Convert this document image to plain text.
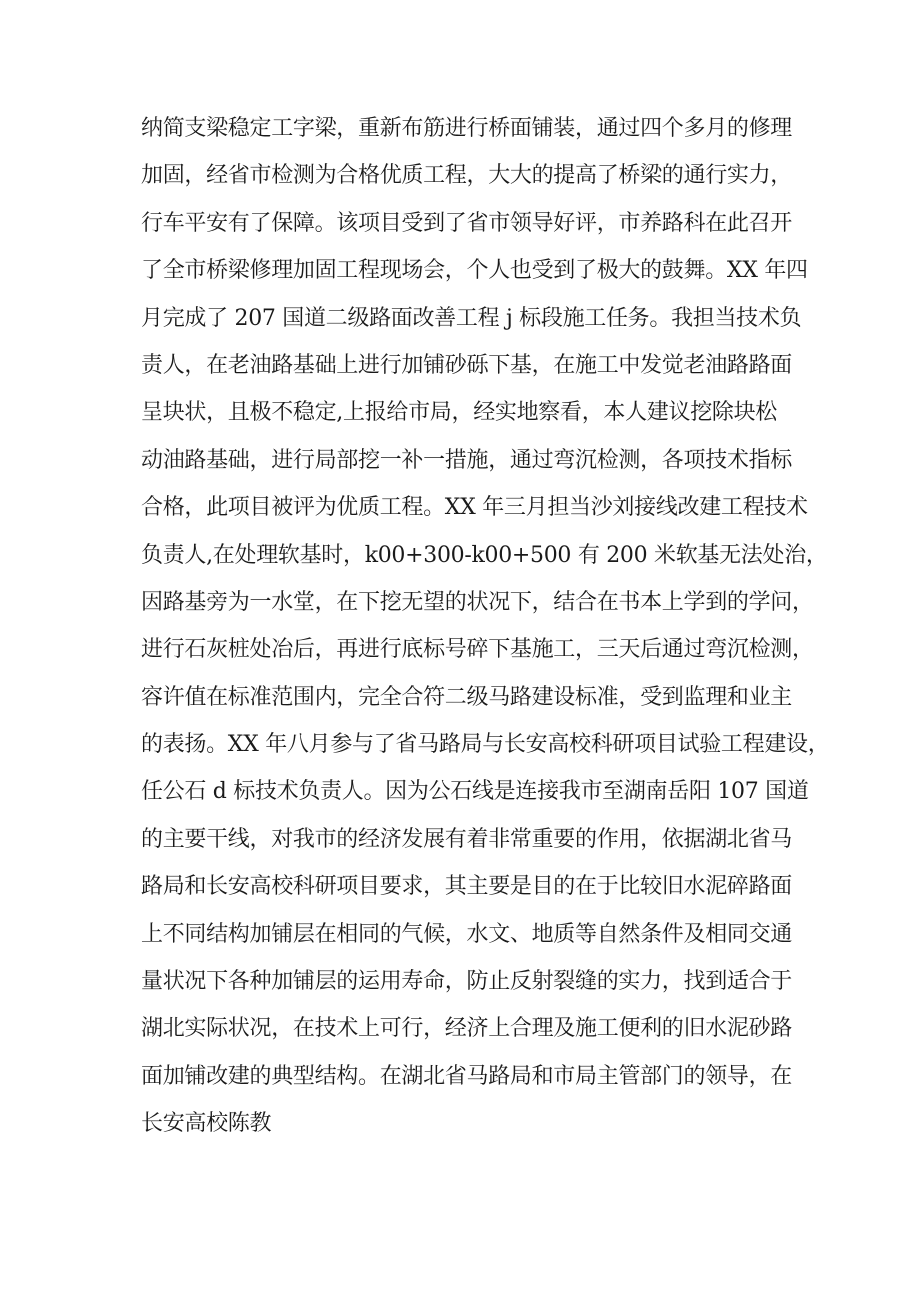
纳简支梁稳定工字梁，重新布筋进行桥面铺装，通过四个多月的修理
加固，经省市检测为合格优质工程，大大的提高了桥梁的通行实力，
行车平安有了保障。该项目受到了省市领导好评，市养路科在此召开
了全市桥梁修理加固工程现场会，个人也受到了极大的鼓舞。XX 年四
月完成了 207 国道二级路面改善工程 j 标段施工任务。我担当技术负
责人，在老油路基础上进行加铺砂砾下基，在施工中发觉老油路路面
呈块状，且极不稳定,上报给市局，经实地察看，本人建议挖除块松
动油路基础，进行局部挖一补一措施，通过弯沉检测，各项技术指标
合格，此项目被评为优质工程。XX 年三月担当沙刘接线改建工程技术
负责人,在处理软基时，k00+300-k00+500 有 200 米软基无法处治，
因路基旁为一水堂，在下挖无望的状况下，结合在书本上学到的学问，
进行石灰桩处冶后，再进行底标号碎下基施工，三天后通过弯沉检测，
容许值在标准范围内，完全合符二级马路建设标准，受到监理和业主
的表扬。XX 年八月参与了省马路局与长安高校科研项目试验工程建设，
任公石 d 标技术负责人。因为公石线是连接我市至湖南岳阳 107 国道
的主要干线，对我市的经济发展有着非常重要的作用，依据湖北省马
路局和长安高校科研项目要求，其主要是目的在于比较旧水泥碎路面
上不同结构加铺层在相同的气候，水文、地质等自然条件及相同交通
量状况下各种加铺层的运用寿命，防止反射裂缝的实力，找到适合于
湖北实际状况，在技术上可行，经济上合理及施工便利的旧水泥砂路
面加铺改建的典型结构。在湖北省马路局和市局主管部门的领导，在
长安高校陈教
